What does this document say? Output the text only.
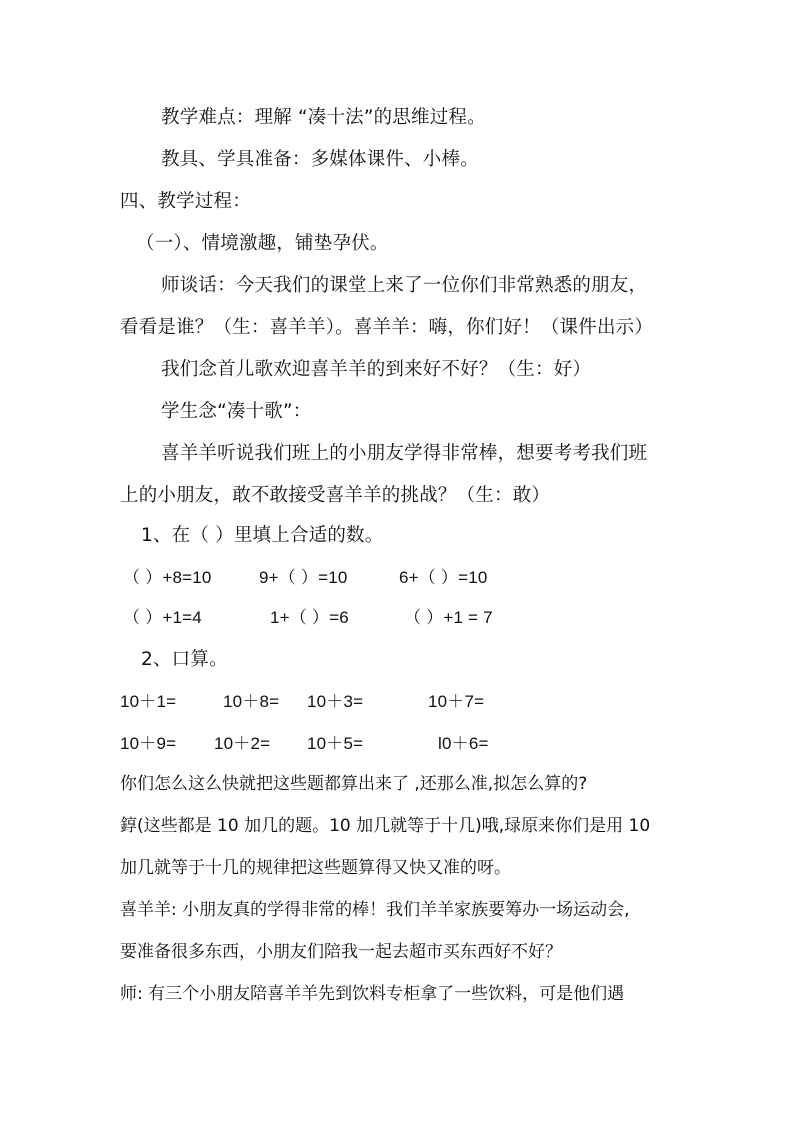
教学难点：理解 “凑十法”的思维过程。

教具、学具准备：多媒体课件、小棒。

四、教学过程：

（一）、情境激趣，铺垫孕伏。

师谈话：今天我们的课堂上来了一位你们非常熟悉的朋友，

看看是谁？（生：喜羊羊）。喜羊羊：嗨，你们好！（课件出示）

我们念首儿歌欢迎喜羊羊的到来好不好？（生：好）

学生念“凑十歌”：

喜羊羊听说我们班上的小朋友学得非常棒，想要考考我们班

上的小朋友，敢不敢接受喜羊羊的挑战？（生：敢）

1、在（ ）里填上合适的数。

（ ）+8=10	9+（ ）=10	6+（ ）=10

（ ）+1=4	1+（ ）=6	（ ）+1 = 7

2、口算。

10＋1=	10＋8= 10＋3=	10＋7=

10＋9= 10＋2= 10＋5=	l0＋6=

你们怎么这么快就把这些题都算出来了 ,还那么准,拟怎么算的?

錞(这些都是 10 加几的题。10 加几就等于十几)哦,琭原来你们是用 10

加几就等于十几的规律把这些题算得又快又准的呀。

喜羊羊: 小朋友真的学得非常的棒！我们羊羊家族要筹办一场运动会,

要准备很多东西，小朋友们陪我一起去超市买东西好不好？

师: 有三个小朋友陪喜羊羊先到饮料专柜拿了一些饮料，可是他们遇
